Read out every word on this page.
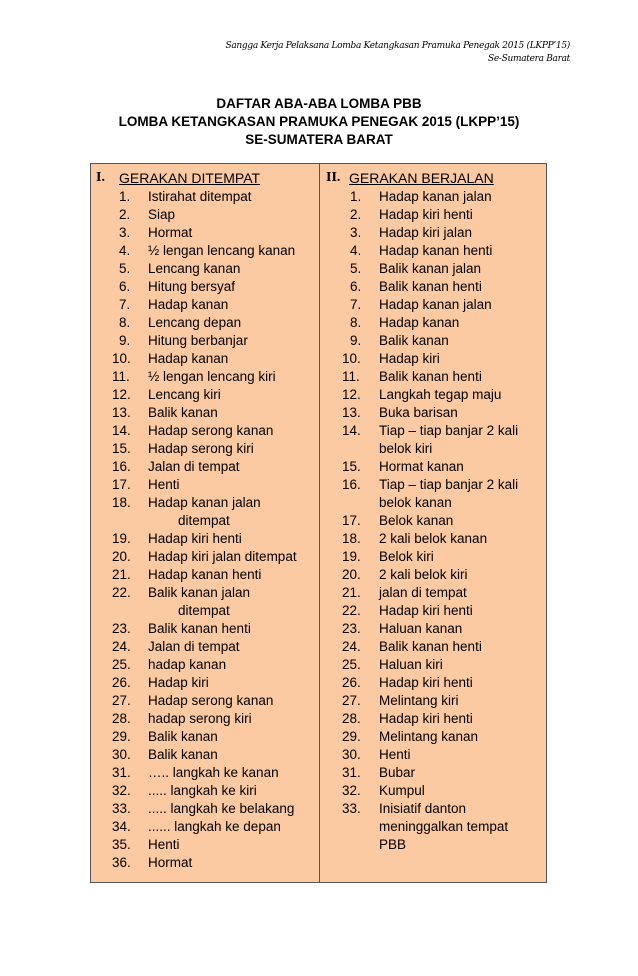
Sangga Kerja Pelaksana Lomba Ketangkasan Pramuka Penegak 2015 (LKPP’15)
Se-Sumatera Barat
DAFTAR ABA-ABA LOMBA PBB
LOMBA KETANGKASAN PRAMUKA PENEGAK 2015 (LKPP’15)
SE-SUMATERA BARAT
I.	GERAKAN DITEMPAT
1.	Istirahat ditempat
2.	Siap
3.	Hormat
4.	½ lengan lencang kanan
5.	Lencang kanan
6.	Hitung bersyaf
7.	Hadap kanan
8.	Lencang depan
9.	Hitung berbanjar
10.	Hadap kanan
11.	½ lengan lencang kiri
12.	Lencang kiri
13.	Balik kanan
14.	Hadap serong kanan
15.	Hadap serong kiri
16.	Jalan di tempat
17.	Henti
18.	Hadap kanan jalan
ditempat
19.	Hadap kiri henti
20.	Hadap kiri jalan ditempat
21.	Hadap kanan henti
22.	Balik kanan jalan
ditempat
23.	Balik kanan henti
24.	Jalan di tempat
25.	hadap kanan
26.	Hadap kiri
27.	Hadap serong kanan
28.	hadap serong kiri
29.	Balik kanan
30.	Balik kanan
31.	….. langkah ke kanan
32.	..... langkah ke kiri
33.	..... langkah ke belakang
34.	...... langkah ke depan
35.	Henti
36.	Hormat
II. GERAKAN BERJALAN
1.	Hadap kanan jalan
2.	Hadap kiri henti
3.	Hadap kiri jalan
4.	Hadap kanan henti
5.	Balik kanan jalan
6.	Balik kanan henti
7.	Hadap kanan jalan
8.	Hadap kanan
9.	Balik kanan
10.	Hadap kiri
11.	Balik kanan henti
12.	Langkah tegap maju
13.	Buka barisan
14.	Tiap – tiap banjar 2 kali
belok kiri
15.	Hormat kanan
16.	Tiap – tiap banjar 2 kali
belok kanan
17.	Belok kanan
18.	2 kali belok kanan
19.	Belok kiri
20.	2 kali belok kiri
21.	jalan di tempat
22.	Hadap kiri henti
23.	Haluan kanan
24.	Balik kanan henti
25.	Haluan kiri
26.	Hadap kiri henti
27.	Melintang kiri
28.	Hadap kiri henti
29.	Melintang kanan
30.	Henti
31.	Bubar
32.	Kumpul
33.	Inisiatif danton
meninggalkan tempat
PBB
